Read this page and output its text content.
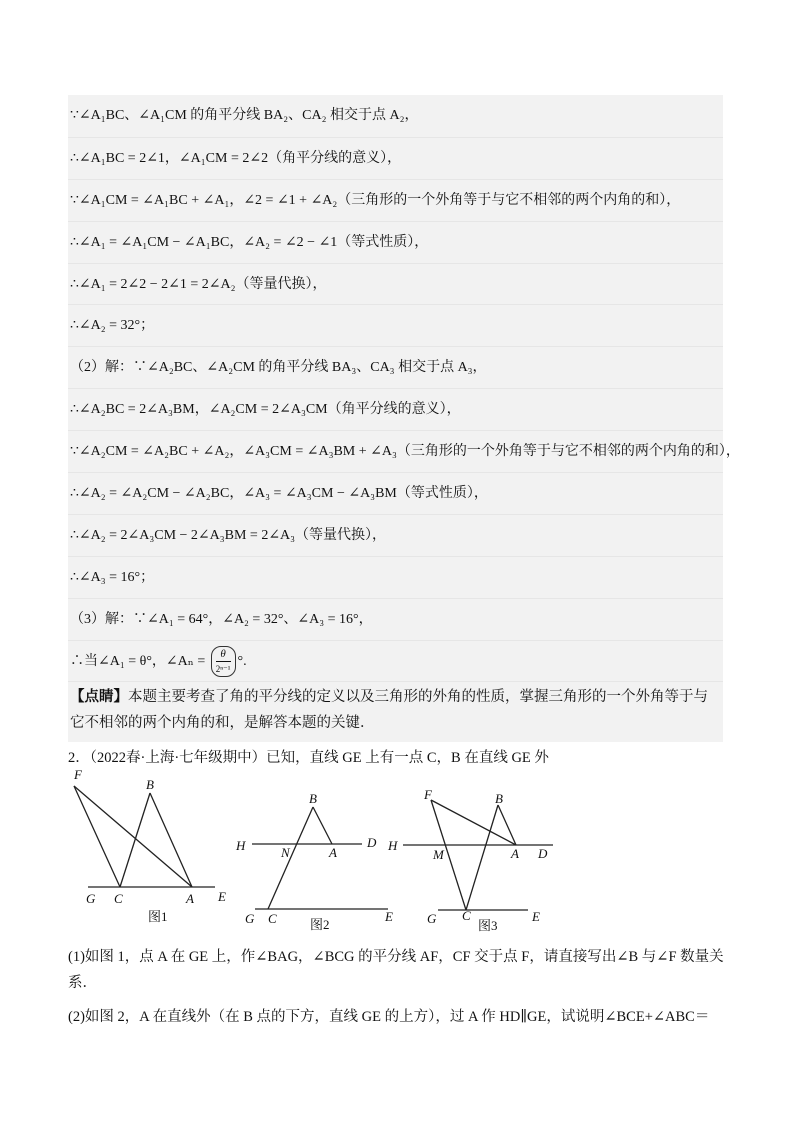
∵∠A₁BC、∠A₁CM 的角平分线 BA₂、CA₂ 相交于点 A₂，
∴∠A₁BC = 2∠1，∠A₁CM = 2∠2（角平分线的意义），
∵∠A₁CM = ∠A₁BC + ∠A₁，∠2 = ∠1 + ∠A₂（三角形的一个外角等于与它不相邻的两个内角的和），
∴∠A₁ = ∠A₁CM − ∠A₁BC，∠A₂ = ∠2 − ∠1（等式性质），
∴∠A₁ = 2∠2 − 2∠1 = 2∠A₂（等量代换），
∴∠A₂ = 32°；
（2）解：∵∠A₂BC、∠A₂CM 的角平分线 BA₃、CA₃ 相交于点 A₃，
∴∠A₂BC = 2∠A₃BM，∠A₂CM = 2∠A₃CM（角平分线的意义），
∵∠A₂CM = ∠A₂BC + ∠A₂，∠A₃CM = ∠A₃BM + ∠A₃（三角形的一个外角等于与它不相邻的两个内角的和），
∴∠A₂ = ∠A₂CM − ∠A₂BC，∠A₃ = ∠A₃CM − ∠A₃BM（等式性质），
∴∠A₂ = 2∠A₃CM − 2∠A₃BM = 2∠A₃（等量代换），
∴∠A₃ = 16°；
（3）解：∵∠A₁ = 64°，∠A₂ = 32°、∠A₃ = 16°，
∴当∠A₁ = θ°，∠Aₙ = $\frac{\theta}{\text{2ⁿ⁻¹}}$ °.
【点睛】本题主要考查了角的平分线的定义以及三角形的外角的性质，掌握三角形的一个外角等于与它不相邻的两个内角的和，是解答本题的关键．
2．（2022春·上海·七年级期中）已知，直线 GE 上有一点 C，B 在直线 GE 外
F
B
G C	A E
图1
B
H	N	A
D
G C	E
图2
F	B
H
M	A D
G C	E
图3
(1)如图 1，点 A 在 GE 上，作∠BAG，∠BCG 的平分线 AF，CF 交于点 F，请直接写出∠B 与∠F 数量关
系．
(2)如图 2，A 在直线外（在 B 点的下方，直线 GE 的上方），过 A 作 HD∥GE，试说明∠BCE+∠ABC＝
